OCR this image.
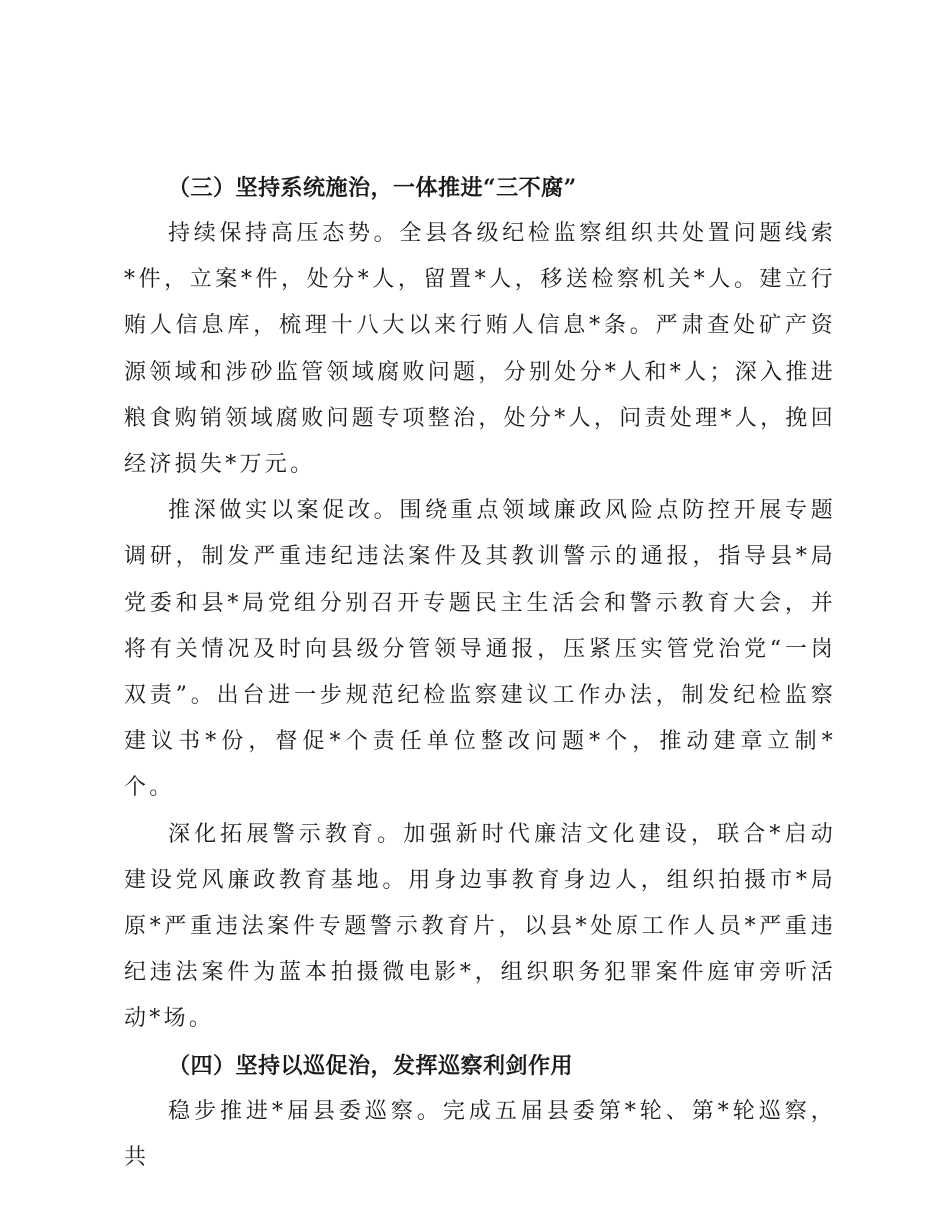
（三）坚持系统施治，一体推进“三不腐”

持续保持高压态势。全县各级纪检监察组织共处置问题线索*件，立案*件，处分*人，留置*人，移送检察机关*人。建立行贿人信息库，梳理十八大以来行贿人信息*条。严肃查处矿产资源领域和涉砂监管领域腐败问题，分别处分*人和*人；深入推进粮食购销领域腐败问题专项整治，处分*人，问责处理*人，挽回经济损失*万元。

推深做实以案促改。围绕重点领域廉政风险点防控开展专题调研，制发严重违纪违法案件及其教训警示的通报，指导县*局党委和县*局党组分别召开专题民主生活会和警示教育大会，并将有关情况及时向县级分管领导通报，压紧压实管党治党“一岗双责”。出台进一步规范纪检监察建议工作办法，制发纪检监察建议书*份，督促*个责任单位整改问题*个，推动建章立制*个。

深化拓展警示教育。加强新时代廉洁文化建设，联合*启动建设党风廉政教育基地。用身边事教育身边人，组织拍摄市*局原*严重违法案件专题警示教育片，以县*处原工作人员*严重违纪违法案件为蓝本拍摄微电影*，组织职务犯罪案件庭审旁听活动*场。

（四）坚持以巡促治，发挥巡察利剑作用

稳步推进*届县委巡察。完成五届县委第*轮、第*轮巡察，共
